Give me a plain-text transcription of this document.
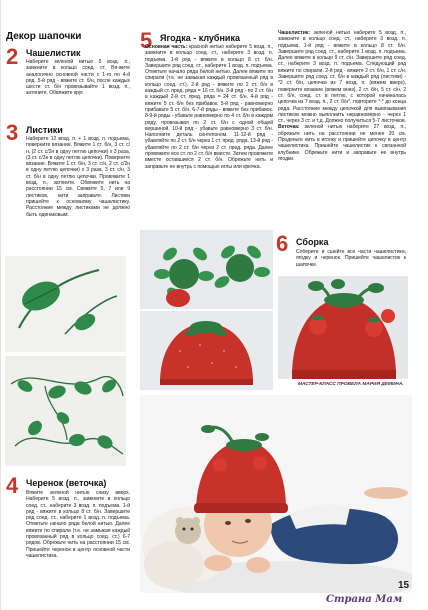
Декор шапочки
2 Чашелистик
Наберите зеленой нитью 5 возд. п., замкните в кольцо соед. ст. Вя-жите аналогично основной части с 1-го по 4-й ряд. 5-й ряд - вяжите ст. б/н, после каждых шести ст. б/н провязывайте 1 возд. п., затяните. Обвяжите круг.
3 Листики
Наберите 12 возд. п. + 1 возд. п. подъема, поверните вязание. Вяжите 1 ст. б/н, 3 ст. с/н, (2 ст. с/2н в одну петлю цепочки) х 3 раза, (3 ст. с/3н в одну петлю цепочки). Поверните вязание. Вяжите 1 ст. б/н, 3 ст. с/н, 2 ст. с/2н в одну петлю цепочки) х 3 раза, 3 ст. с/н, 3 ст. б/н в одну петлю цепочки. Провяжите 1 возд. п., затяните. Обвяжите нить на расстоянии 15 см. Свяжите 5, 7 или 9 листиков, нити заправьте. Листики пришейте к основному чашелистику. Расстояние между листиками не должно быть одинаковым.
4 Черенок (веточка)
Вяжите зеленой нитью снизу вверх. Наберите 5 возд. п., замкните в кольцо соед. ст., наберите 3 возд. п. подъема. 1-й ряд - вяжите в кольцо 8 ст. б/н. Завершите ряд соед. ст., наберите 1 возд. п. подъема. Отметьте начало ряда белой нитью. Далее вяжите по спирали (т.е. не замыкая каждый провязанный ряд в кольцо соед. ст.) 6-7 рядов. Обрежьте нить на расстоянии 15 см. Пришейте черенок в центр основной части чашелистика.
5 Ягодка - клубника
Основная часть: красной нитью наберите 5 возд. п., замкните в кольцо соед. ст., наберите 3 возд. п. подъема. 1-й ряд - вяжите в кольцо 8 ст. б/н. Завершите ряд соед. ст., наберите 1 возд. п. подъема. Отметьте начало ряда белой нитью. Далее вяжите по спирали (т.е. не замыкая каждый провязанный ряд в кольцо соед. ст.). 2-й ряд - вяжите по 2 ст. б/н в каждый ст. пред. ряда = 16 ст. б/н. 3-й ряд - по 2 ст. б/н в каждый 2-й ст. пред. ряда = 24 ст. б/н. 4-й ряд - вяжите 5 ст. б/н без прибавок. 5-й ряд - равномерно прибавьте 5 ст. б/н. 6-7-й ряды - вяжите без прибавок. 8-9-й ряды - убавьте равномерно по 4 ст. б/н в каждом ряду, провязывая по 2 ст. б/н с одной общей вершиной. 10-й ряд - убавьте равномерно 3 ст. б/н. Наполните деталь синтепоном. 11-12-й ряд - убавляйте по 2 ст. б/н через 1 ст. пред. ряда. 13-й ряд - убавляйте по 2 ст. б/н через 2 ст. пред. ряда. Далее провяжите все ст. по 2 ст. б/н вместе. Затем провяжите вместе оставшиеся 2 ст. б/н. Обрежьте нить и заправьте ее внутрь с помощью иглы или крючка.
Чашелистик: зеленой нитью наберите 5 возд. п., замкните в кольцо соед. ст., наберите 3 возд. п. подъема. 1-й ряд - вяжите в кольцо 8 ст. б/н. Завершите ряд соед. ст., наберите 1 возд. п. подъема. Далее вяжите в кольцо 9 ст. с/н. Завершите ряд соед. ст., наберите 3 возд. п. подъема. Следующий ряд вяжите по спирали. 2-й ряд - вяжите 2 ст. б/н, 1 ст. с/н. Завершите ряд соед. ст. б/н в каждый ряд (листики) - *2 ст. б/н, цепочка из 7 возд. п. (вяжем вверх), поверните вязание (вяжем вниз), 2 ст. б/н, 5 ст. с/н, 2 ст. б/н, соед. ст. в петлю, с которой начиналась цепочка из 7 возд. п., 2 ст. б/н*, повторите *-* до конца ряда. Расстояние между цепочкой для вывязывания листиков можно выполнить неравномерно - через 1 ст., через 3 ст. и т.д. Должно получиться 5-7 листочков. Веточка: зеленой нитью наберите 27 возд. п., обрежьте нить на расстоянии не менее 20 см. Проденьте нить в иголку и пришейте цепочку в центр чашелистика. Пришейте чашелистик к связанной клубнике. Обрежьте нити и заправьте ее внутрь ягодки.
6 Сборка
Соберите и сшейте все части чашелистика, ягодку и черенок. Пришейте чашелистик к шапочке.
МАСТЕР-КЛАСС ПРОВЕЛА МАРИЯ ДЕМИНА.
15
Страна Мам
